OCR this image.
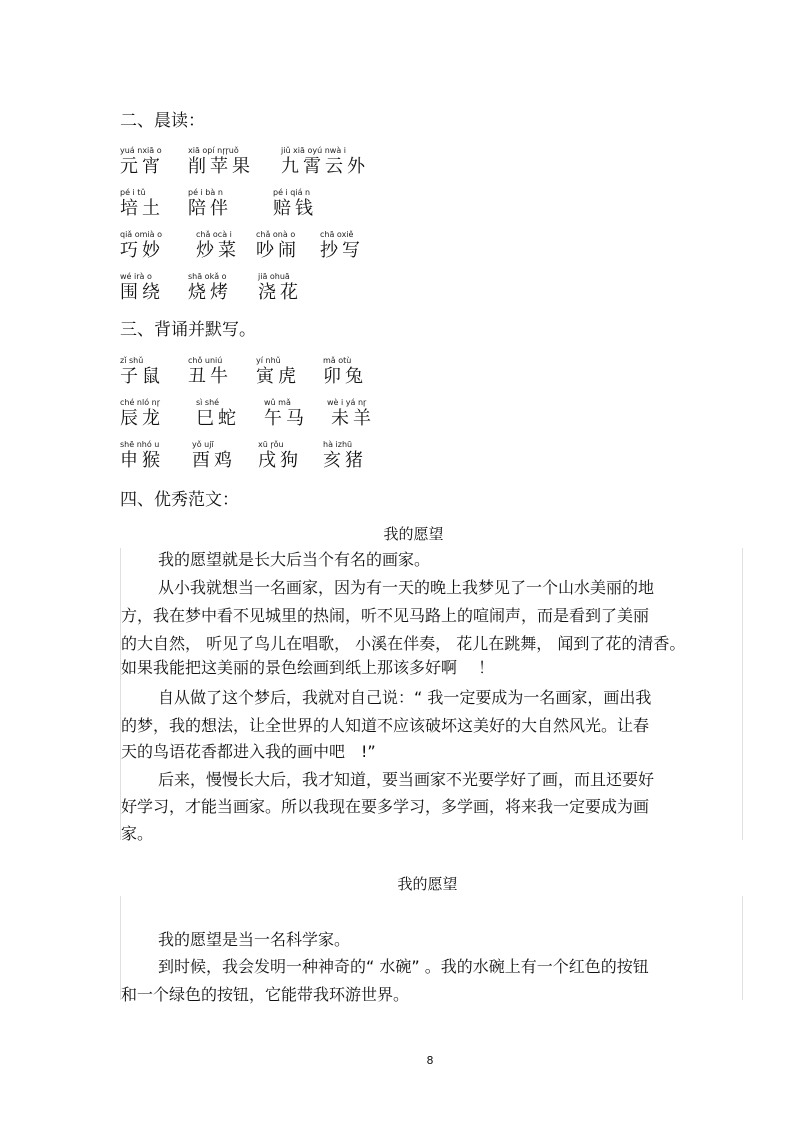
二、晨读：
yuá nxiā o
元宵
xiā opí nɼɼuǒ
削苹果
jiǔ xiā oyú nwà i
九霄云外
pé i tǔ
培土
pé i bà n
陪伴
pé i qiá n
赔钱
qiǎ omià o
巧妙
chǎ ocà i
炒菜
chǎ onà o
吵闹
chā oxiě
抄写
wé irà o
围绕
shā okǎ o
烧烤
jiā ohuā
浇花
三、背诵并默写。
zǐ shǔ
子鼠
chǒ uniú
丑牛
yí nhǔ
寅虎
mǎ otù
卯兔
ché nló nɼ
辰龙
sì shé
巳蛇
wǔ mǎ
午马
wè i yá nɼ
未羊
shē nhó u
申猴
yǒ ujī
酉鸡
xū ɼǒu
戌狗
hà izhū
亥猪
四、优秀范文：
我的愿望
我的愿望就是长大后当个有名的画家。
从小我就想当一名画家，因为有一天的晚上我梦见了一个山水美丽的地
方，我在梦中看不见城里的热闹，听不见马路上的喧闹声，而是看到了美丽
的大自然， 听见了鸟儿在唱歌， 小溪在伴奏， 花儿在跳舞， 闻到了花的清香。
如果我能把这美丽的景色绘画到纸上那该多好啊　 ！
自从做了这个梦后，我就对自己说：“ 我一定要成为一名画家，画出我
的梦，我的想法，让全世界的人知道不应该破坏这美好的大自然风光。让春
天的鸟语花香都进入我的画中吧　!”
后来，慢慢长大后，我才知道，要当画家不光要学好了画，而且还要好
好学习，才能当画家。所以我现在要多学习，多学画，将来我一定要成为画
家。
我的愿望
我的愿望是当一名科学家。
到时候，我会发明一种神奇的“ 水碗” 。我的水碗上有一个红色的按钮
和一个绿色的按钮，它能带我环游世界。
8
